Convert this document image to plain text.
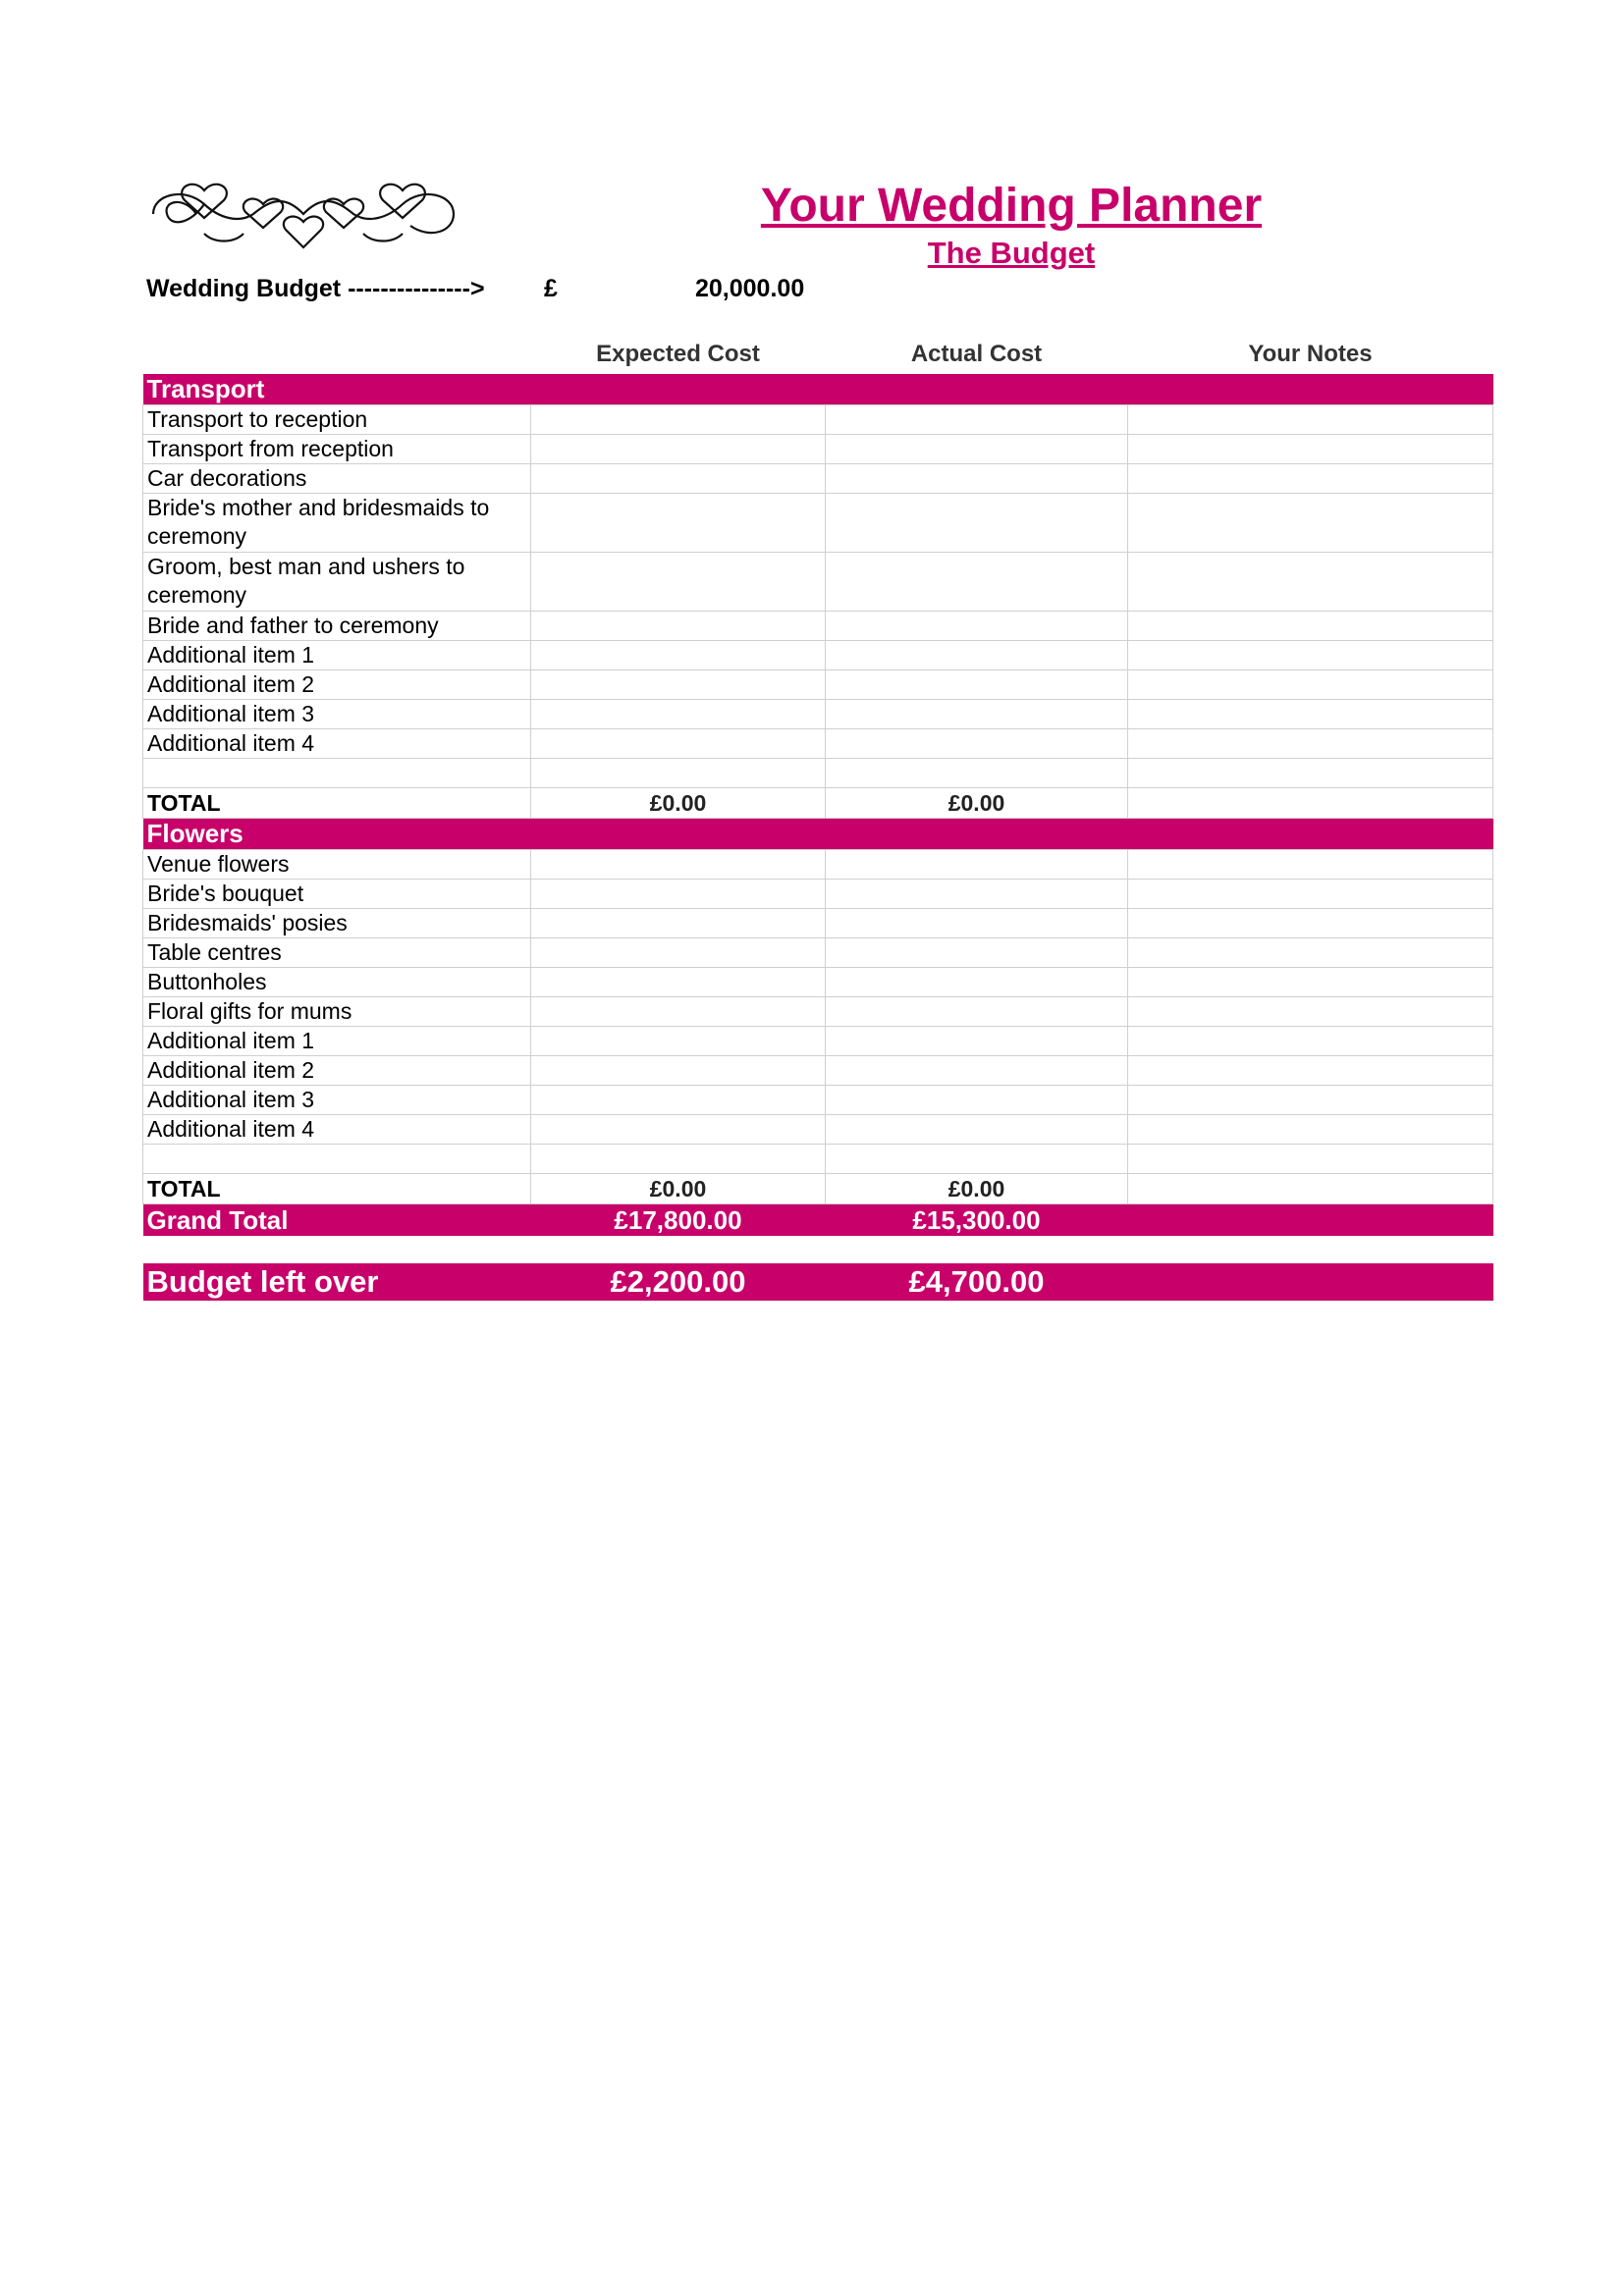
Your Wedding Planner
The Budget
Wedding Budget ---------------> £	20,000.00
	Expected Cost	Actual Cost	Your Notes
Transport			
Transport to reception			
Transport from reception			
Car decorations			
Bride's mother and bridesmaids to ceremony			
Groom, best man and ushers to ceremony			
Bride and father to ceremony			
Additional item 1			
Additional item 2			
Additional item 3			
Additional item 4			

TOTAL	£0.00	£0.00	
Flowers			
Venue flowers			
Bride's bouquet			
Bridesmaids' posies			
Table centres			
Buttonholes			
Floral gifts for mums			
Additional item 1			
Additional item 2			
Additional item 3			
Additional item 4			

TOTAL	£0.00	£0.00	
Grand Total	£17,800.00	£15,300.00	

Budget left over	£2,200.00	£4,700.00	
